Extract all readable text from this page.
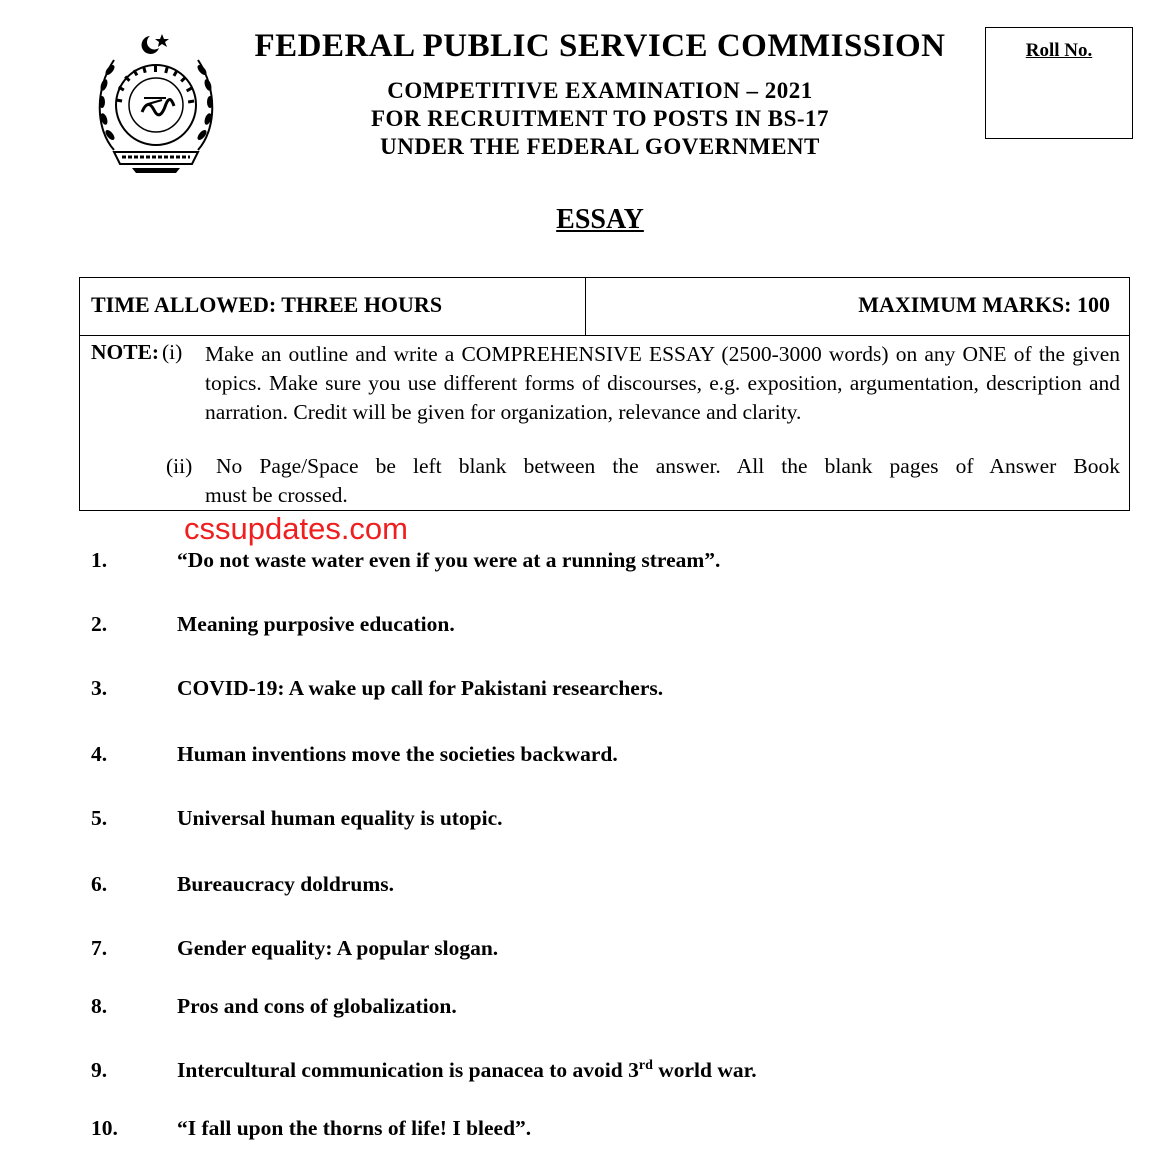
FEDERAL PUBLIC SERVICE COMMISSION
COMPETITIVE EXAMINATION – 2021
FOR RECRUITMENT TO POSTS IN BS-17
UNDER THE FEDERAL GOVERNMENT
Roll No.
ESSAY
TIME ALLOWED: THREE HOURS	MAXIMUM MARKS: 100
NOTE: (i) Make an outline and write a COMPREHENSIVE ESSAY (2500-3000 words) on any ONE of the given topics. Make sure you use different forms of discourses, e.g. exposition, argumentation, description and narration. Credit will be given for organization, relevance and clarity.
(ii) No Page/Space be left blank between the answer. All the blank pages of Answer Book
must be crossed.
cssupdates.com
1.	“Do not waste water even if you were at a running stream”.
2.	Meaning purposive education.
3.	COVID-19: A wake up call for Pakistani researchers.
4.	Human inventions move the societies backward.
5.	Universal human equality is utopic.
6.	Bureaucracy doldrums.
7.	Gender equality: A popular slogan.
8.	Pros and cons of globalization.
9.	Intercultural communication is panacea to avoid 3rd world war.
10.	“I fall upon the thorns of life! I bleed”.
